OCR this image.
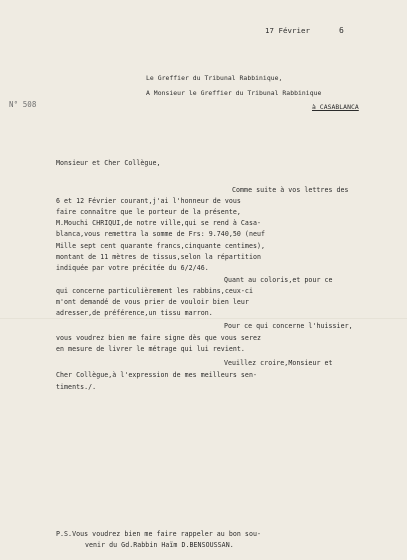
17 Février	6
N° 508
Le Greffier du Tribunal Rabbinique,
A Monsieur le Greffier du Tribunal Rabbinique
à CASABLANCA
Monsieur et Cher Collègue,
Comme suite à vos lettres des
6 et 12 Février courant,j'ai l'honneur de vous
faire connaître que le porteur de la présente,
M.Mouchi CHRIQUI,de notre ville,qui se rend à Casa-
blanca,vous remettra la somme de Frs: 9.740,50 (neuf
Mille sept cent quarante francs,cinquante centimes),
montant de 11 mètres de tissus,selon la répartition
indiquée par votre précitée du 6/2/46.
Quant au coloris,et pour ce
qui concerne particulièrement les rabbins,ceux-ci
m'ont demandé de vous prier de vouloir bien leur
adresser,de préférence,un tissu marron.
Pour ce qui concerne l'huissier,
vous voudrez bien me faire signe dès que vous serez
en mesure de livrer le métrage qui lui revient.
Veuillez croire,Monsieur et
Cher Collègue,à l'expression de mes meilleurs sen-
timents./.
P.S.Vous voudrez bien me faire rappeler au bon sou-
venir du Gd.Rabbin Haïm D.BENSOUSSAN.
